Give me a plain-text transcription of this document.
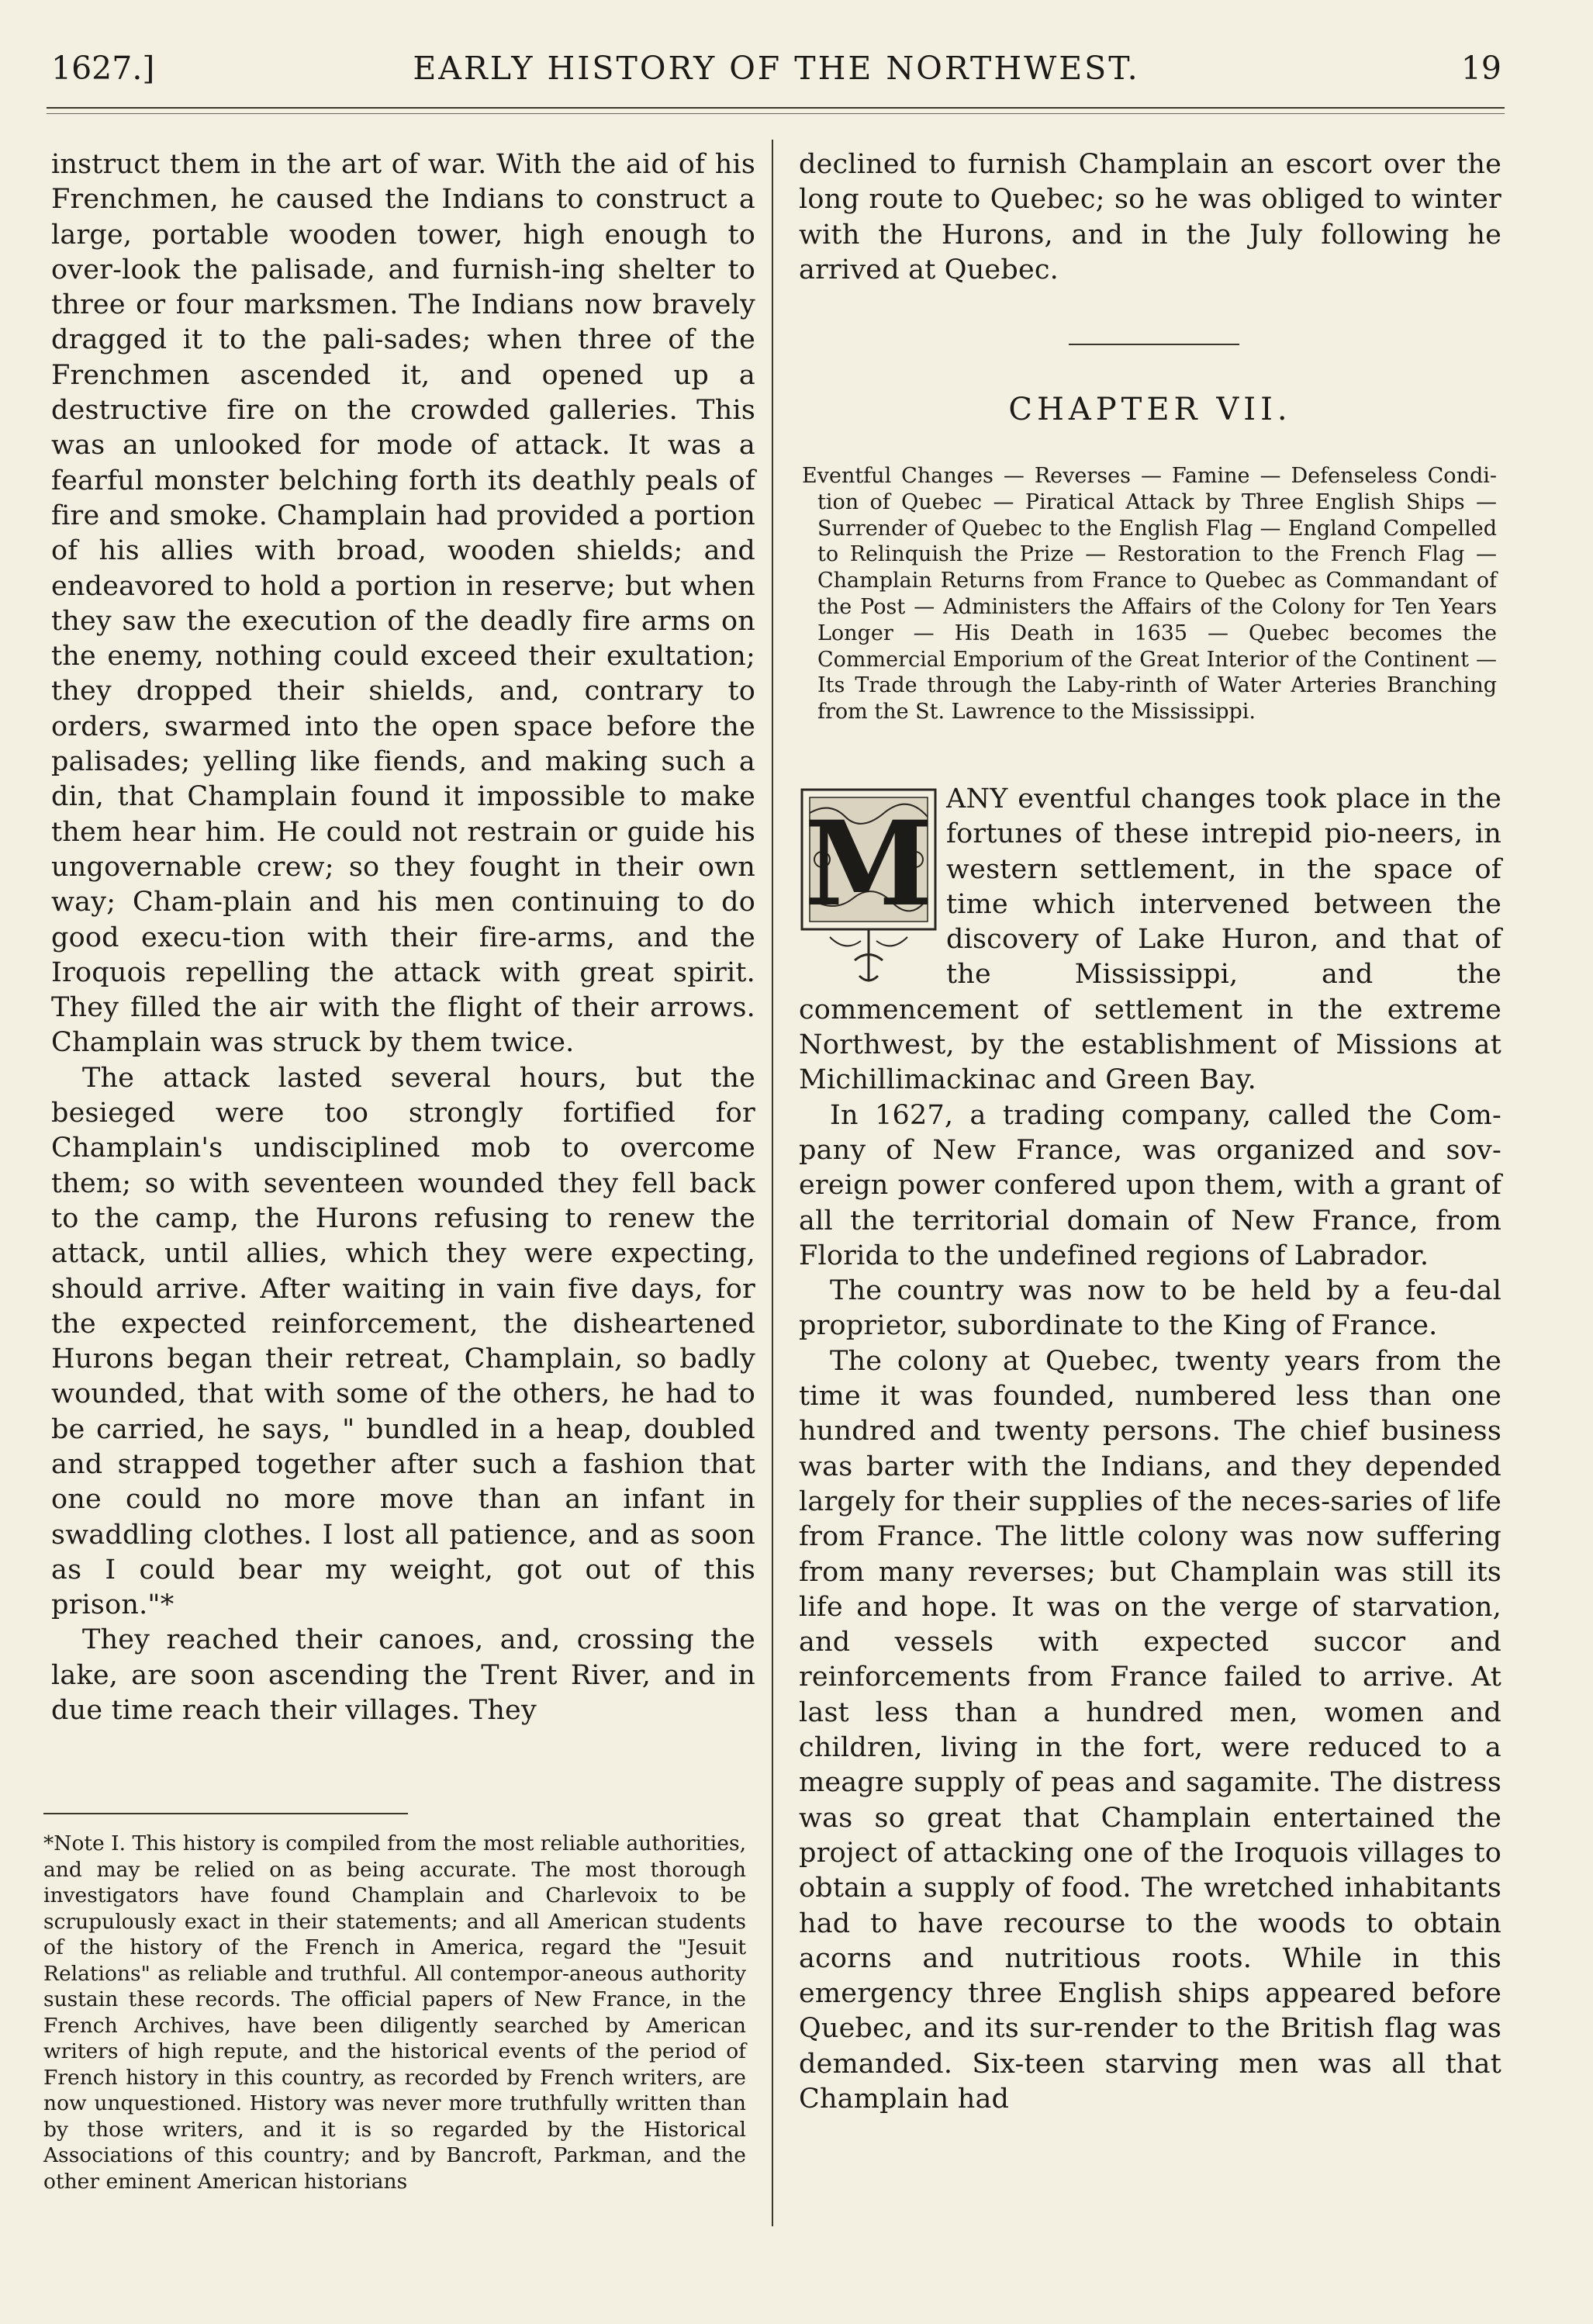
1627.]	EARLY HISTORY OF THE NORTHWEST.	19

instruct them in the art of war. With the aid of his Frenchmen, he caused the Indians to construct a large, portable wooden tower, high enough to over-look the palisade, and furnish-ing shelter to three or four marksmen. The Indians now bravely dragged it to the pali-sades; when three of the Frenchmen ascended it, and opened up a destructive fire on the crowded galleries. This was an unlooked for mode of attack. It was a fearful monster belching forth its deathly peals of fire and smoke. Champlain had provided a portion of his allies with broad, wooden shields; and endeavored to hold a portion in reserve; but when they saw the execution of the deadly fire arms on the enemy, nothing could exceed their exultation; they dropped their shields, and, contrary to orders, swarmed into the open space before the palisades; yelling like fiends, and making such a din, that Champlain found it impossible to make them hear him. He could not restrain or guide his ungovernable crew; so they fought in their own way; Cham-plain and his men continuing to do good execu-tion with their fire-arms, and the Iroquois repelling the attack with great spirit. They filled the air with the flight of their arrows. Champlain was struck by them twice.

The attack lasted several hours, but the besieged were too strongly fortified for Champlain's undisciplined mob to overcome them; so with seventeen wounded they fell back to the camp, the Hurons refusing to renew the attack, until allies, which they were expecting, should arrive. After waiting in vain five days, for the expected reinforcement, the disheartened Hurons began their retreat, Champlain, so badly wounded, that with some of the others, he had to be carried, he says, " bundled in a heap, doubled and strapped together after such a fashion that one could no more move than an infant in swaddling clothes. I lost all patience, and as soon as I could bear my weight, got out of this prison."*

They reached their canoes, and, crossing the lake, are soon ascending the Trent River, and in due time reach their villages. They

*Note I. This history is compiled from the most reliable authorities, and may be relied on as being accurate. The most thorough investigators have found Champlain and Charlevoix to be scrupulously exact in their statements; and all American students of the history of the French in America, regard the "Jesuit Relations" as reliable and truthful. All contempor-aneous authority sustain these records. The official papers of New France, in the French Archives, have been diligently searched by American writers of high repute, and the historical events of the period of French history in this country, as recorded by French writers, are now unquestioned. History was never more truthfully written than by those writers, and it is so regarded by the Historical Associations of this country; and by Bancroft, Parkman, and the other eminent American historians

declined to furnish Champlain an escort over the long route to Quebec; so he was obliged to winter with the Hurons, and in the July following he arrived at Quebec.

CHAPTER VII.

Eventful Changes — Reverses — Famine — Defenseless Condi-tion of Quebec — Piratical Attack by Three English Ships — Surrender of Quebec to the English Flag — England Compelled to Relinquish the Prize — Restoration to the French Flag — Champlain Returns from France to Quebec as Commandant of the Post — Administers the Affairs of the Colony for Ten Years Longer — His Death in 1635 — Quebec becomes the Commercial Emporium of the Great Interior of the Continent — Its Trade through the Laby-rinth of Water Arteries Branching from the St. Lawrence to the Mississippi.

M ANY eventful changes took place in the fortunes of these intrepid pio-neers, in western settlement, in the space of time which intervened between the discovery of Lake Huron, and that of the Mississippi, and the commencement of settlement in the extreme Northwest, by the establishment of Missions at Michillimackinac and Green Bay.

In 1627, a trading company, called the Com-pany of New France, was organized and sov-ereign power confered upon them, with a grant of all the territorial domain of New France, from Florida to the undefined regions of Labrador.

The country was now to be held by a feu-dal proprietor, subordinate to the King of France.

The colony at Quebec, twenty years from the time it was founded, numbered less than one hundred and twenty persons. The chief business was barter with the Indians, and they depended largely for their supplies of the neces-saries of life from France. The little colony was now suffering from many reverses; but Champlain was still its life and hope. It was on the verge of starvation, and vessels with expected succor and reinforcements from France failed to arrive. At last less than a hundred men, women and children, living in the fort, were reduced to a meagre supply of peas and sagamite. The distress was so great that Champlain entertained the project of attacking one of the Iroquois villages to obtain a supply of food. The wretched inhabitants had to have recourse to the woods to obtain acorns and nutritious roots. While in this emergency three English ships appeared before Quebec, and its sur-render to the British flag was demanded. Six-teen starving men was all that Champlain had
